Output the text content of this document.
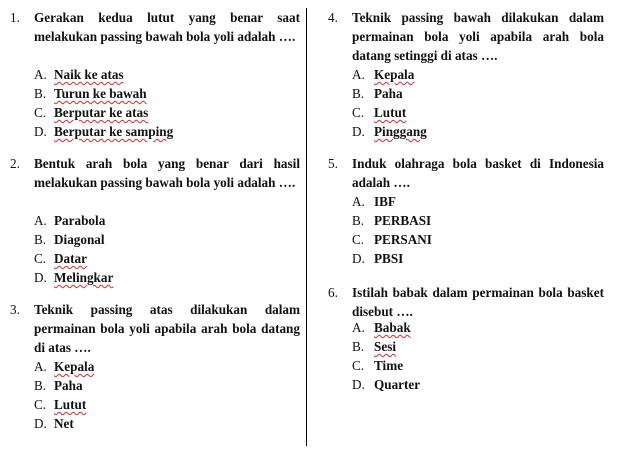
1. Gerakan kedua lutut yang benar saat melakukan passing bawah bola yoli adalah ….
A. Naik ke atas
B. Turun ke bawah
C. Berputar ke atas
D. Berputar ke samping
2. Bentuk arah bola yang benar dari hasil melakukan passing bawah bola yoli adalah ….
A. Parabola
B. Diagonal
C. Datar
D. Melingkar
3. Teknik passing atas dilakukan dalam permainan bola yoli apabila arah bola datang di atas ….
A. Kepala
B. Paha
C. Lutut
D. Net
4. Teknik passing bawah dilakukan dalam permainan bola yoli apabila arah bola datang setinggi di atas ….
A. Kepala
B. Paha
C. Lutut
D. Pinggang
5. Induk olahraga bola basket di Indonesia adalah ….
A. IBF
B. PERBASI
C. PERSANI
D. PBSI
6. Istilah babak dalam permainan bola basket disebut ….
A. Babak
B. Sesi
C. Time
D. Quarter
